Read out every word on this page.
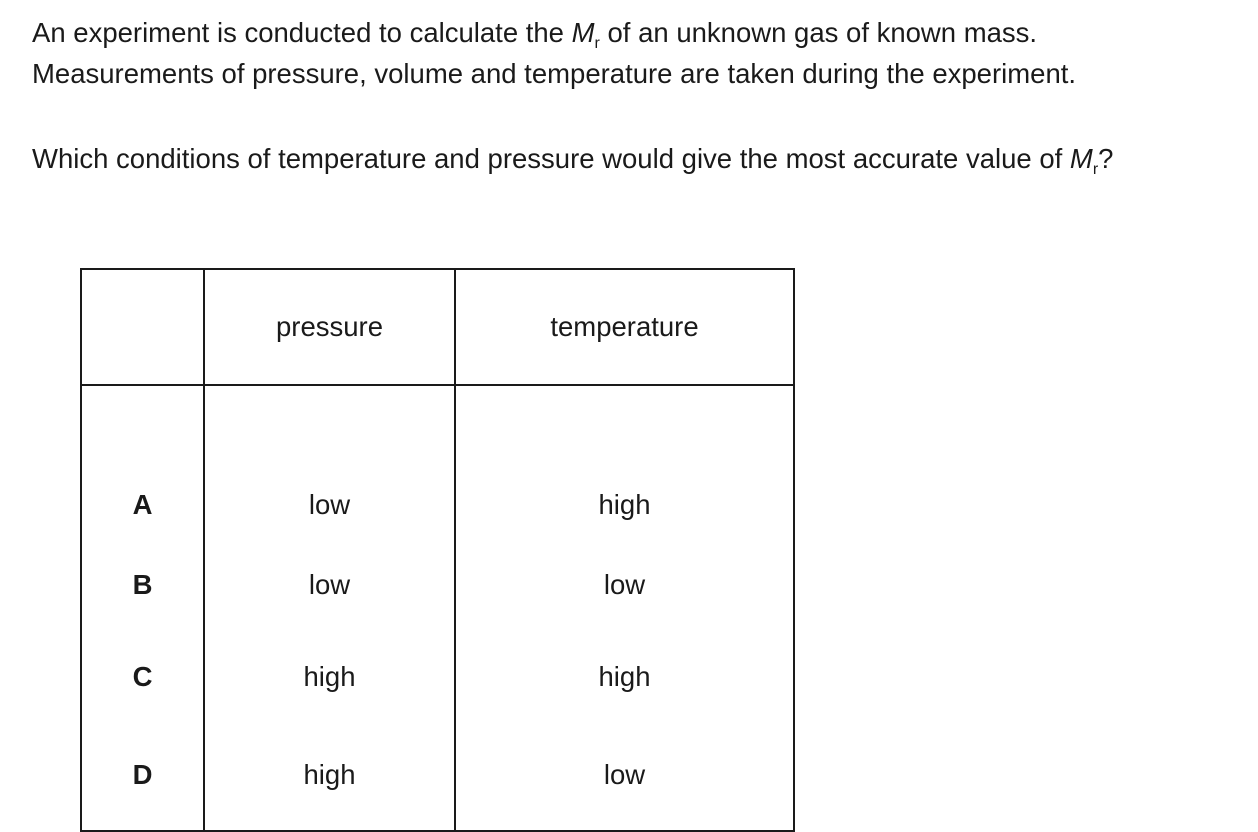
An experiment is conducted to calculate the $M_r$ of an unknown gas of known mass.

Measurements of pressure, volume and temperature are taken during the experiment.

Which conditions of temperature and pressure would give the most accurate value of $M_r$?
	pressure	temperature
A	low	high
B	low	low
C	high	high
D	high	low
